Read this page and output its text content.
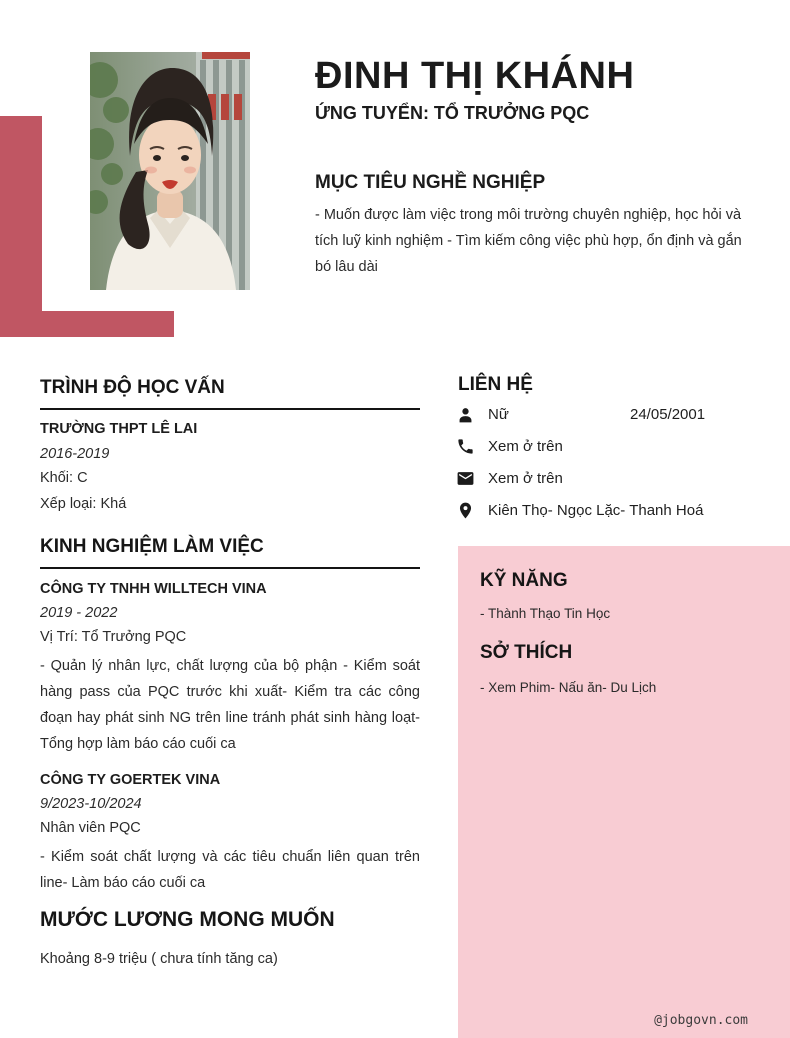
ĐINH THỊ KHÁNH
ỨNG TUYỂN: TỔ TRƯỞNG PQC
MỤC TIÊU NGHỀ NGHIỆP

- Muốn được làm việc trong môi trường chuyên nghiệp, học hỏi và tích luỹ kinh nghiệm - Tìm kiếm công việc phù hợp, ổn định và gắn bó lâu dài

TRÌNH ĐỘ HỌC VẤN
TRƯỜNG THPT LÊ LAI
2016-2019
Khối: C
Xếp loại: Khá
KINH NGHIỆM LÀM VIỆC
CÔNG TY TNHH WILLTECH VINA
2019 - 2022
Vị Trí: Tổ Trưởng PQC

- Quản lý nhân lực, chất lượng của bộ phận - Kiểm soát hàng pass của PQC trước khi xuất- Kiểm tra các công đoạn hay phát sinh NG trên line tránh phát sinh hàng loạt- Tổng hợp làm báo cáo cuối ca

CÔNG TY GOERTEK VINA
9/2023-10/2024
Nhân viên PQC

- Kiểm soát chất lượng và các tiêu chuẩn liên quan trên line- Làm báo cáo cuối ca

MƯỚC LƯƠNG MONG MUỐN
Khoảng 8-9 triệu ( chưa tính tăng ca)
LIÊN HỆ
Nữ	24/05/2001
Xem ở trên
Xem ở trên
Kiên Thọ- Ngọc Lặc- Thanh Hoá
KỸ NĂNG
- Thành Thạo Tin Học
SỞ THÍCH
- Xem Phim- Nấu ăn- Du Lịch
@jobgovn.com
